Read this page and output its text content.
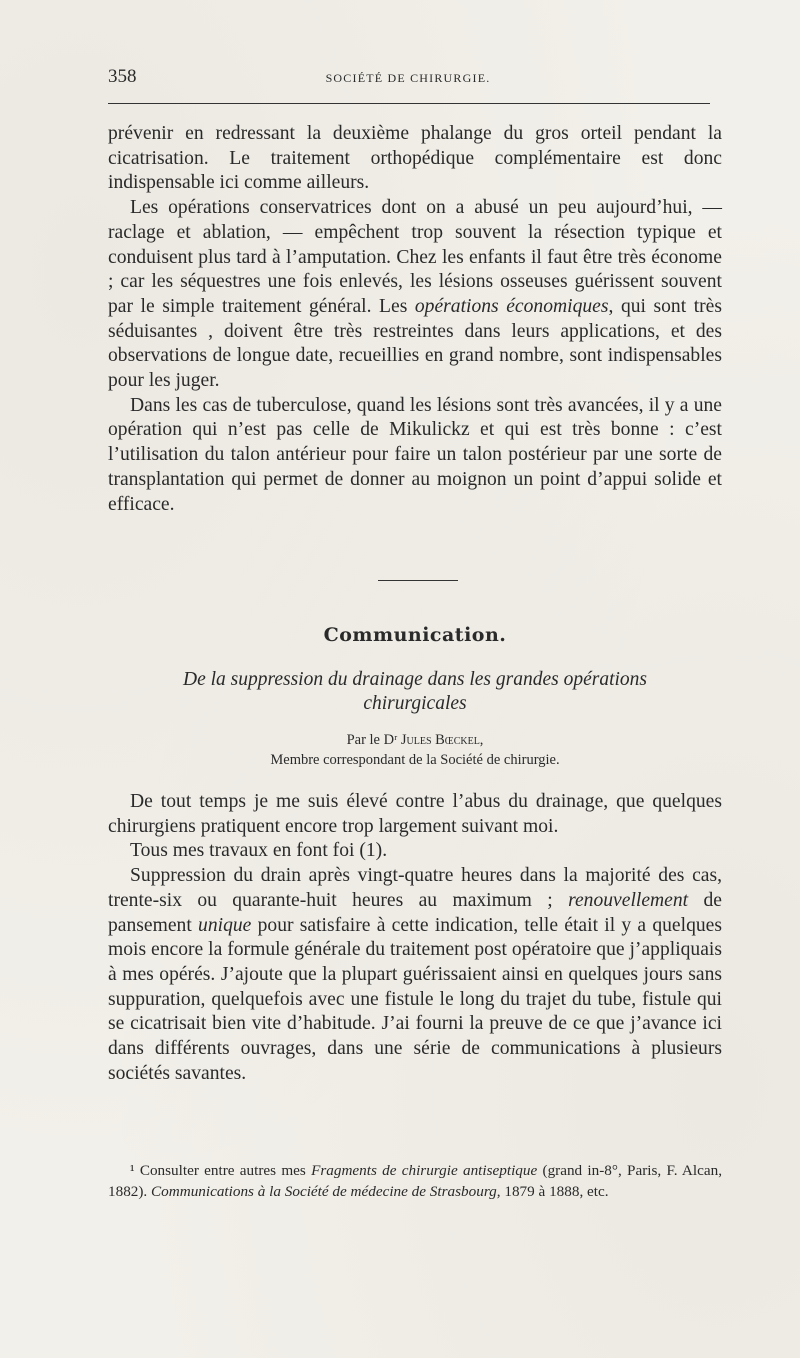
358	SOCIÉTÉ DE CHIRURGIE.

prévenir en redressant la deuxième phalange du gros orteil pendant la cicatrisation. Le traitement orthopédique complémentaire est donc indispensable ici comme ailleurs.

Les opérations conservatrices dont on a abusé un peu aujourd’hui, — raclage et ablation, — empêchent trop souvent la résection typique et conduisent plus tard à l’amputation. Chez les enfants il faut être très économe ; car les séquestres une fois enlevés, les lésions osseuses guérissent souvent par le simple traitement général. Les opérations économiques, qui sont très séduisantes , doivent être très restreintes dans leurs applications, et des observations de longue date, recueillies en grand nombre, sont indispensables pour les juger.

Dans les cas de tuberculose, quand les lésions sont très avancées, il y a une opération qui n’est pas celle de Mikulickz et qui est très bonne : c’est l’utilisation du talon antérieur pour faire un talon postérieur par une sorte de transplantation qui permet de donner au moignon un point d’appui solide et efficace.

Communication.
De la suppression du drainage dans les grandes opérations
chirurgicales
Par le Dʳ Jules Bœckel,
Membre correspondant de la Société de chirurgie.

De tout temps je me suis élevé contre l’abus du drainage, que quelques chirurgiens pratiquent encore trop largement suivant moi.

Tous mes travaux en font foi (1).

Suppression du drain après vingt-quatre heures dans la majorité des cas, trente-six ou quarante-huit heures au maximum ; renouvellement de pansement unique pour satisfaire à cette indication, telle était il y a quelques mois encore la formule générale du traitement post opératoire que j’appliquais à mes opérés. J’ajoute que la plupart guérissaient ainsi en quelques jours sans suppuration, quelquefois avec une fistule le long du trajet du tube, fistule qui se cicatrisait bien vite d’habitude. J’ai fourni la preuve de ce que j’avance ici dans différents ouvrages, dans une série de communications à plusieurs sociétés savantes.

¹ Consulter entre autres mes Fragments de chirurgie antiseptique (grand in-8°, Paris, F. Alcan, 1882). Communications à la Société de médecine de Strasbourg, 1879 à 1888, etc.
